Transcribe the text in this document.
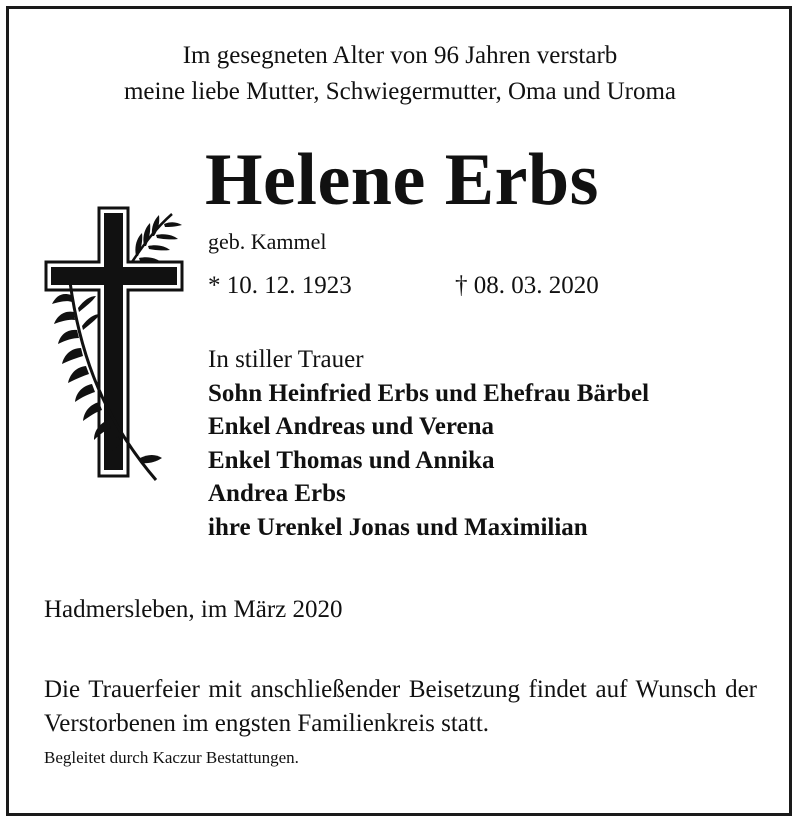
Im gesegneten Alter von 96 Jahren verstarb
meine liebe Mutter, Schwiegermutter, Oma und Uroma
Helene Erbs
geb. Kammel
* 10. 12. 1923	† 08. 03. 2020
In stiller Trauer
Sohn Heinfried Erbs und Ehefrau Bärbel
Enkel Andreas und Verena
Enkel Thomas und Annika
Andrea Erbs
ihre Urenkel Jonas und Maximilian
Hadmersleben, im März 2020
Die Trauerfeier mit anschließender Beisetzung findet auf Wunsch der Verstorbenen im engsten Familienkreis statt.
Begleitet durch Kaczur Bestattungen.
